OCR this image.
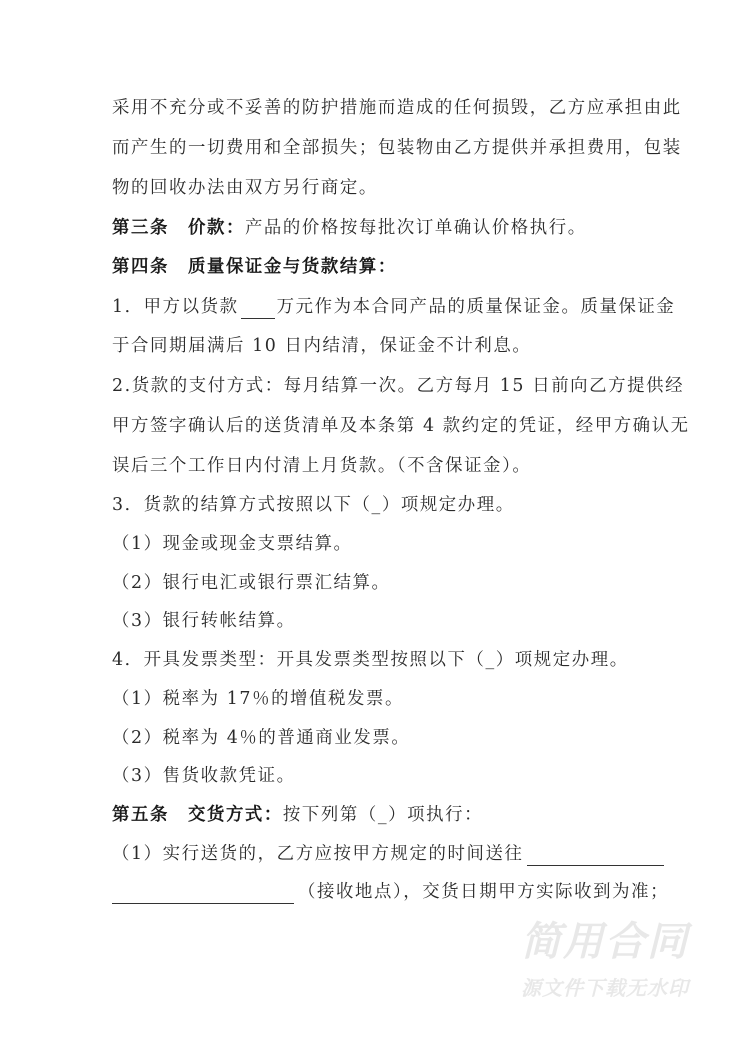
采用不充分或不妥善的防护措施而造成的任何损毁，乙方应承担由此
而产生的一切费用和全部损失；包装物由乙方提供并承担费用，包装
物的回收办法由双方另行商定。
第三条　价款：产品的价格按每批次订单确认价格执行。
第四条　质量保证金与货款结算：
1．甲方以货款 万元作为本合同产品的质量保证金。质量保证金
于合同期届满后 10 日内结清，保证金不计利息。
2.货款的支付方式：每月结算一次。乙方每月 15 日前向乙方提供经
甲方签字确认后的送货清单及本条第 4 款约定的凭证，经甲方确认无
误后三个工作日内付清上月货款。（不含保证金）。
3．货款的结算方式按照以下（_）项规定办理。
（1）现金或现金支票结算。
（2）银行电汇或银行票汇结算。
（3）银行转帐结算。
4．开具发票类型：开具发票类型按照以下（_）项规定办理。
（1）税率为 17％的增值税发票。
（2）税率为 4％的普通商业发票。
（3）售货收款凭证。
第五条　交货方式：按下列第（_）项执行：
（1）实行送货的，乙方应按甲方规定的时间送往
（接收地点），交货日期甲方实际收到为准；
简用合同
源文件下载无水印
